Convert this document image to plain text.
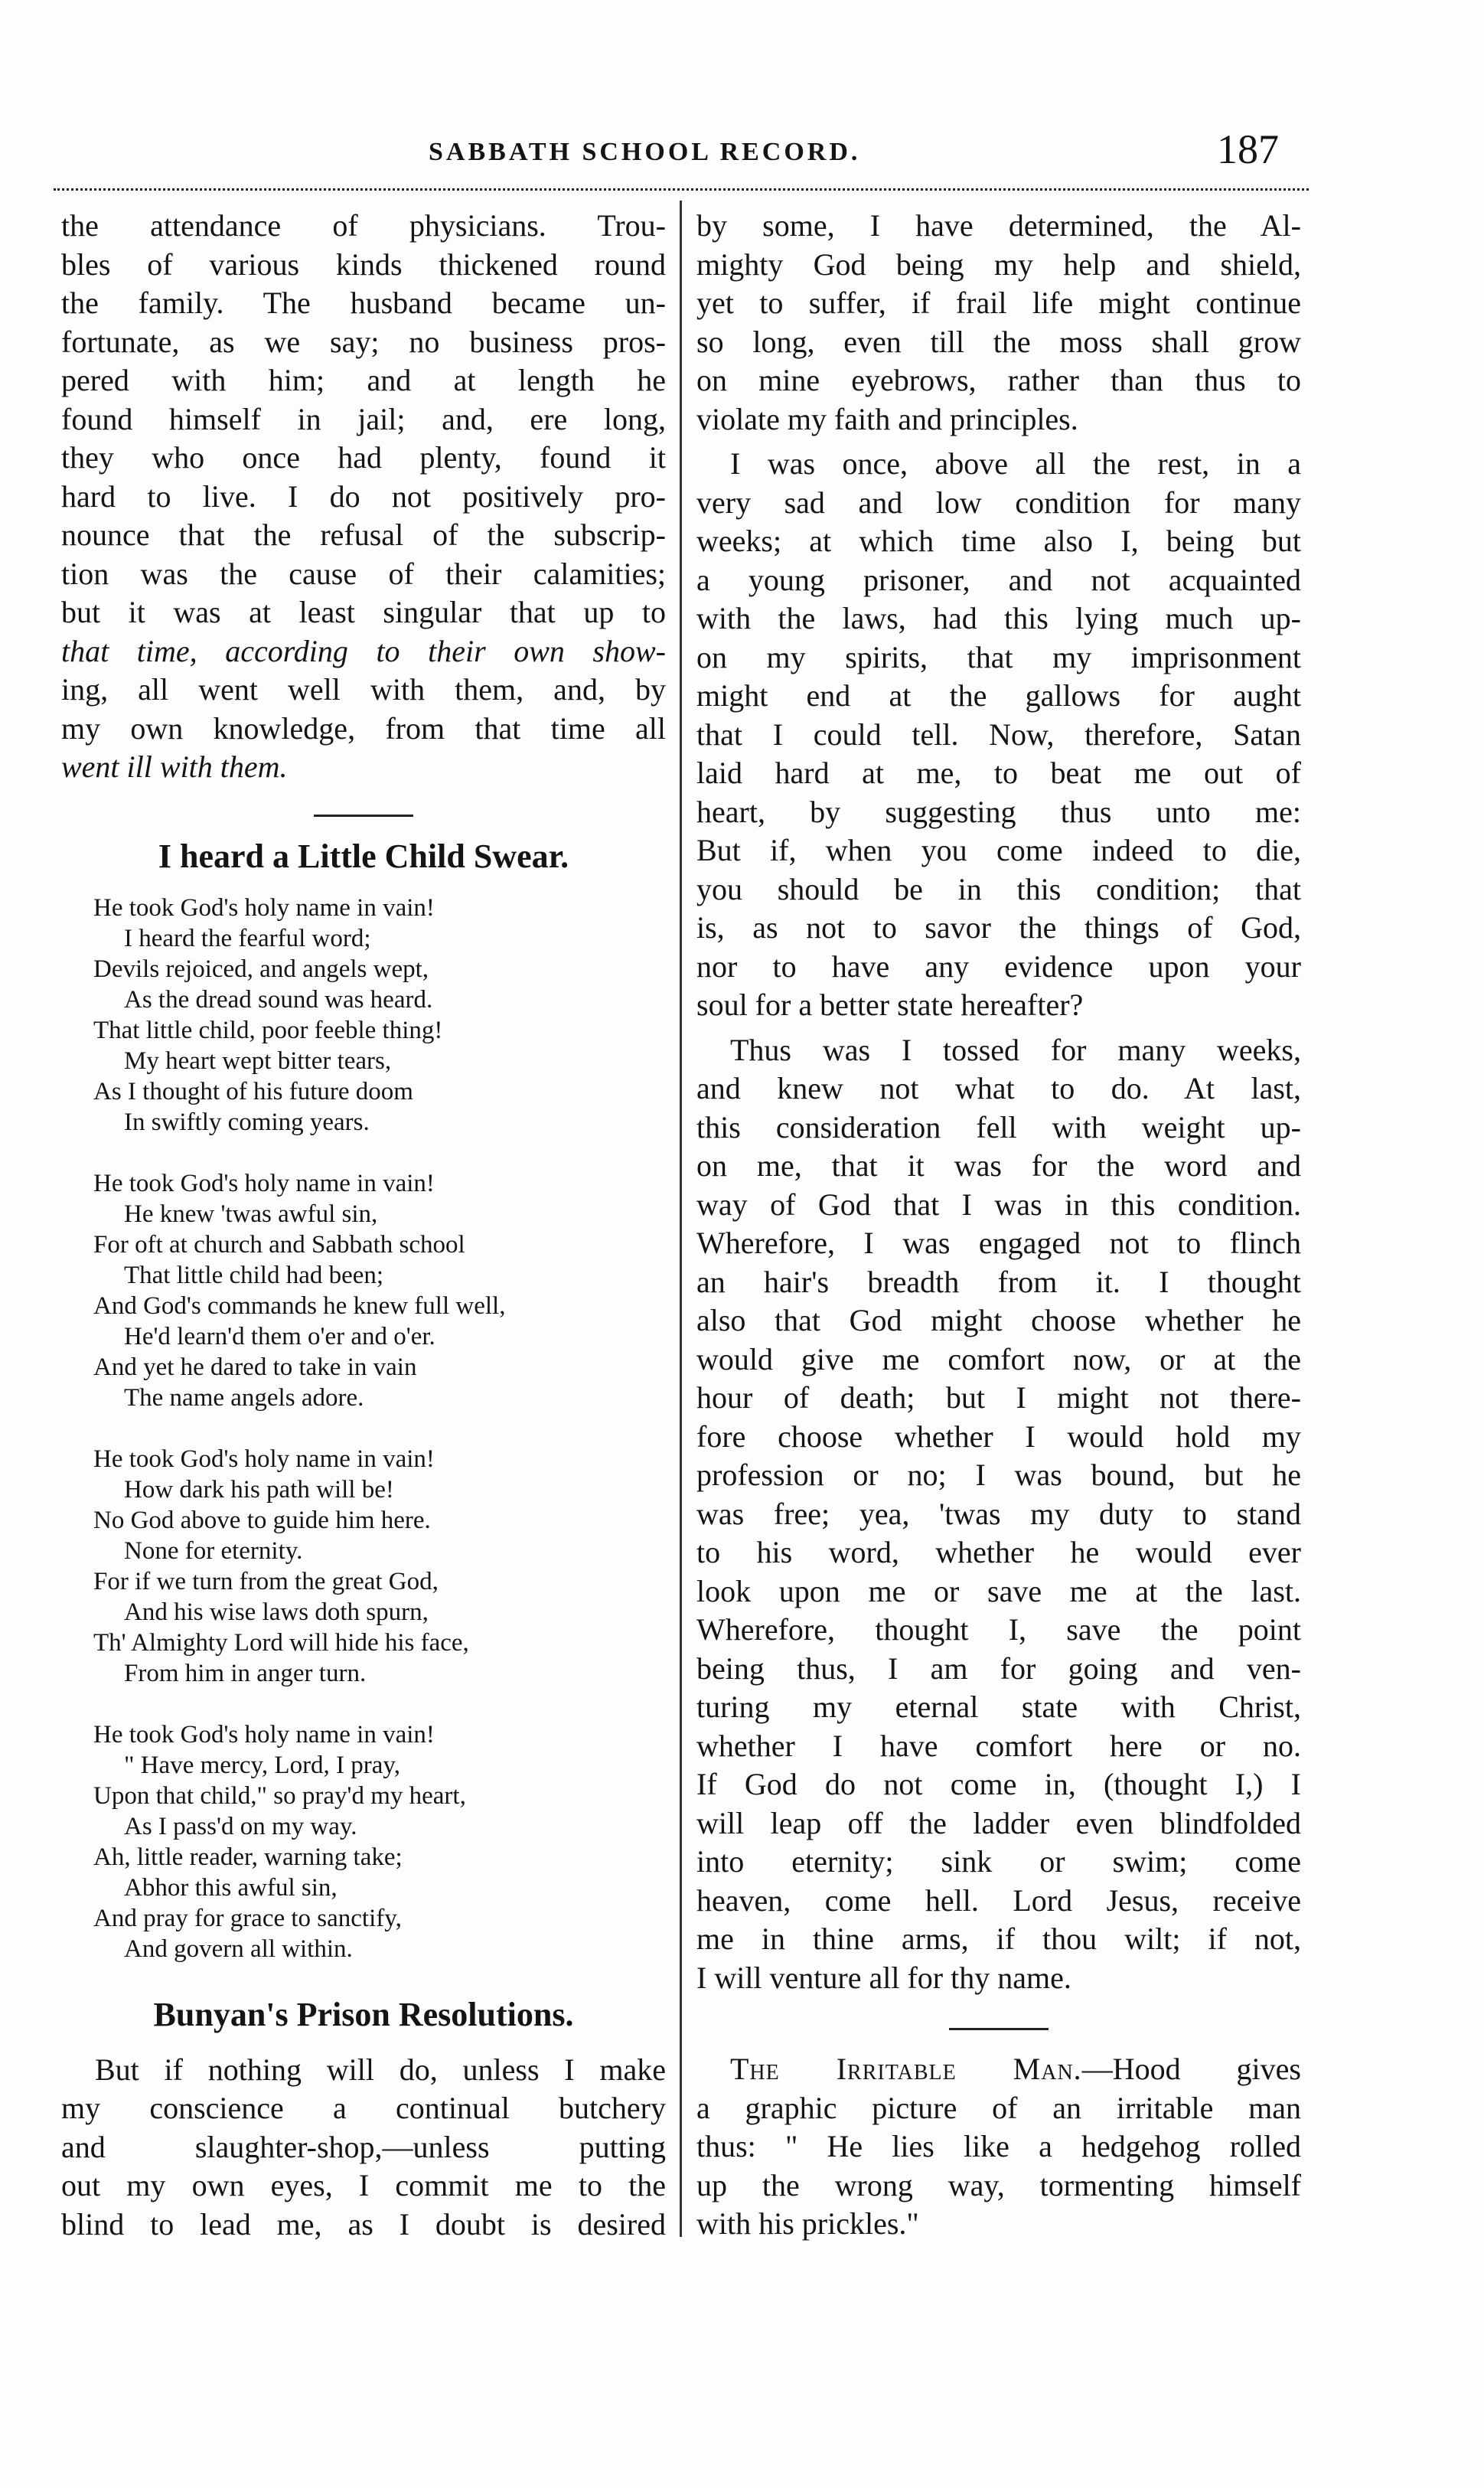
SABBATH SCHOOL RECORD.	187
the attendance of physicians. Trou-
bles of various kinds thickened round
the family. The husband became un-
fortunate, as we say; no business pros-
pered with him; and at length he
found himself in jail; and, ere long,
they who once had plenty, found it
hard to live. I do not positively pro-
nounce that the refusal of the subscrip-
tion was the cause of their calamities;
but it was at least singular that up to
that time, according to their own show-
ing, all went well with them, and, by
my own knowledge, from that time all
went ill with them.
I heard a Little Child Swear.
He took God's holy name in vain!
I heard the fearful word;
Devils rejoiced, and angels wept,
As the dread sound was heard.
That little child, poor feeble thing!
My heart wept bitter tears,
As I thought of his future doom
In swiftly coming years.
He took God's holy name in vain!
He knew 'twas awful sin,
For oft at church and Sabbath school
That little child had been;
And God's commands he knew full well,
He'd learn'd them o'er and o'er.
And yet he dared to take in vain
The name angels adore.
He took God's holy name in vain!
How dark his path will be!
No God above to guide him here.
None for eternity.
For if we turn from the great God,
And his wise laws doth spurn,
Th' Almighty Lord will hide his face,
From him in anger turn.
He took God's holy name in vain!
" Have mercy, Lord, I pray,
Upon that child," so pray'd my heart,
As I pass'd on my way.
Ah, little reader, warning take;
Abhor this awful sin,
And pray for grace to sanctify,
And govern all within.
Bunyan's Prison Resolutions.
But if nothing will do, unless I make
my conscience a continual butchery
and slaughter-shop,—unless putting
out my own eyes, I commit me to the
blind to lead me, as I doubt is desired
by some, I have determined, the Al-
mighty God being my help and shield,
yet to suffer, if frail life might continue
so long, even till the moss shall grow
on mine eyebrows, rather than thus to
violate my faith and principles.
I was once, above all the rest, in a
very sad and low condition for many
weeks; at which time also I, being but
a young prisoner, and not acquainted
with the laws, had this lying much up-
on my spirits, that my imprisonment
might end at the gallows for aught
that I could tell. Now, therefore, Satan
laid hard at me, to beat me out of
heart, by suggesting thus unto me:
But if, when you come indeed to die,
you should be in this condition; that
is, as not to savor the things of God,
nor to have any evidence upon your
soul for a better state hereafter?
Thus was I tossed for many weeks,
and knew not what to do. At last,
this consideration fell with weight up-
on me, that it was for the word and
way of God that I was in this condition.
Wherefore, I was engaged not to flinch
an hair's breadth from it. I thought
also that God might choose whether he
would give me comfort now, or at the
hour of death; but I might not there-
fore choose whether I would hold my
profession or no; I was bound, but he
was free; yea, 'twas my duty to stand
to his word, whether he would ever
look upon me or save me at the last.
Wherefore, thought I, save the point
being thus, I am for going and ven-
turing my eternal state with Christ,
whether I have comfort here or no.
If God do not come in, (thought I,) I
will leap off the ladder even blindfolded
into eternity; sink or swim; come
heaven, come hell. Lord Jesus, receive
me in thine arms, if thou wilt; if not,
I will venture all for thy name.
The Irritable Man.—Hood gives
a graphic picture of an irritable man
thus: " He lies like a hedgehog rolled
up the wrong way, tormenting himself
with his prickles."
